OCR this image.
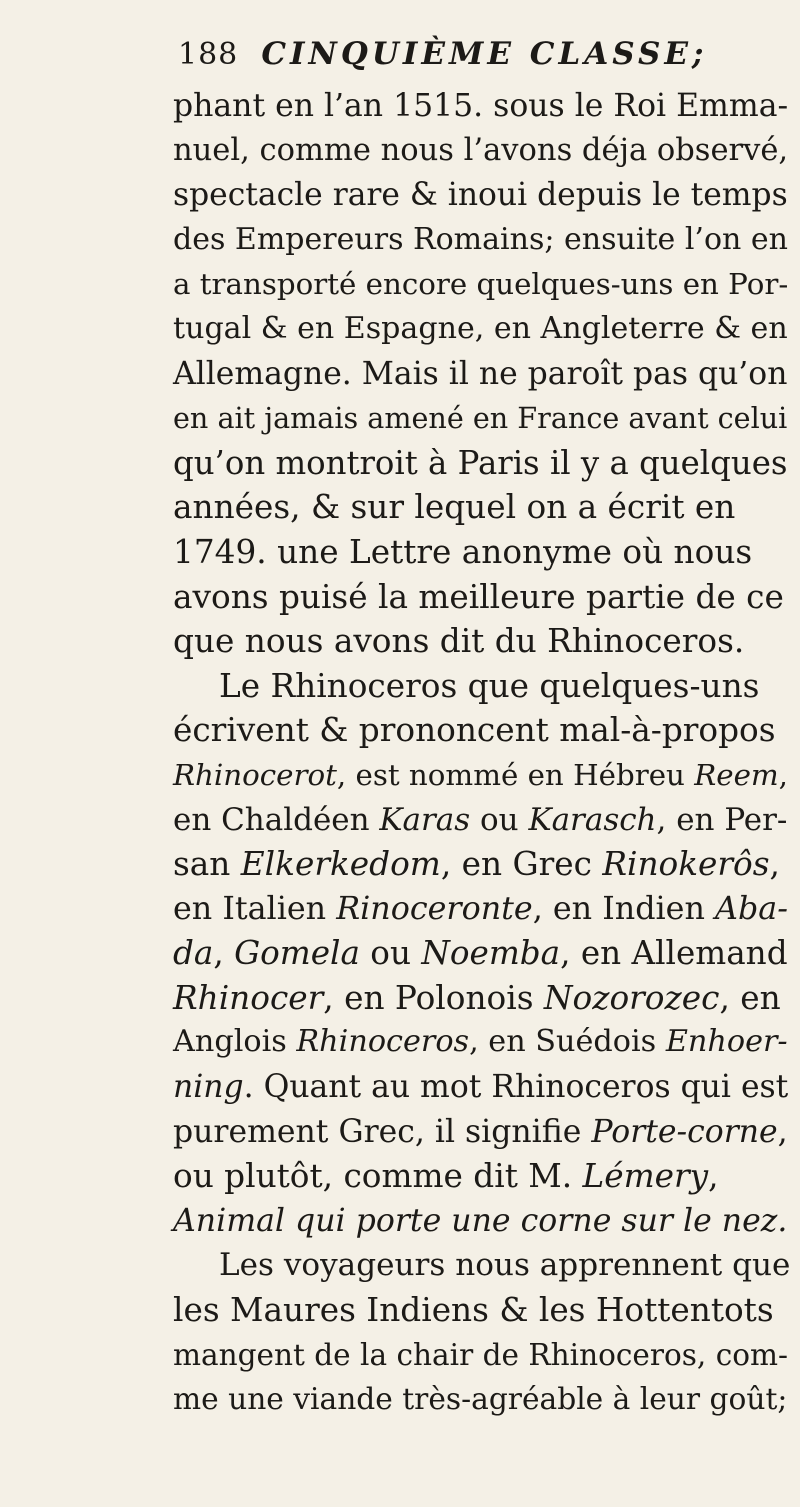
188 CINQUIÈME CLASSE;
phant en l’an 1515. sous le Roi Emma-
nuel, comme nous l’avons déja observé,
spectacle rare & inoui depuis le temps
des Empereurs Romains; ensuite l’on en
a transporté encore quelques-uns en Por-
tugal & en Espagne, en Angleterre & en
Allemagne. Mais il ne paroît pas qu’on
en ait jamais amené en France avant celui
qu’on montroit à Paris il y a quelques
années, & sur lequel on a écrit en
1749. une Lettre anonyme où nous
avons puisé la meilleure partie de ce
que nous avons dit du Rhinoceros.
Le Rhinoceros que quelques-uns
écrivent & prononcent mal-à-propos
Rhinocerot, est nommé en Hébreu Reem,
en Chaldéen Karas ou Karasch, en Per-
san Elkerkedom, en Grec Rinokerôs,
en Italien Rinoceronte, en Indien Aba-
da, Gomela ou Noemba, en Allemand
Rhinocer, en Polonois Nozorozec, en
Anglois Rhinoceros, en Suédois Enhoer-
ning. Quant au mot Rhinoceros qui est
purement Grec, il signifie Porte-corne,
ou plutôt, comme dit M. Lémery,
Animal qui porte une corne sur le nez.
Les voyageurs nous apprennent que
les Maures Indiens & les Hottentots
mangent de la chair de Rhinoceros, com-
me une viande très-agréable à leur goût;
